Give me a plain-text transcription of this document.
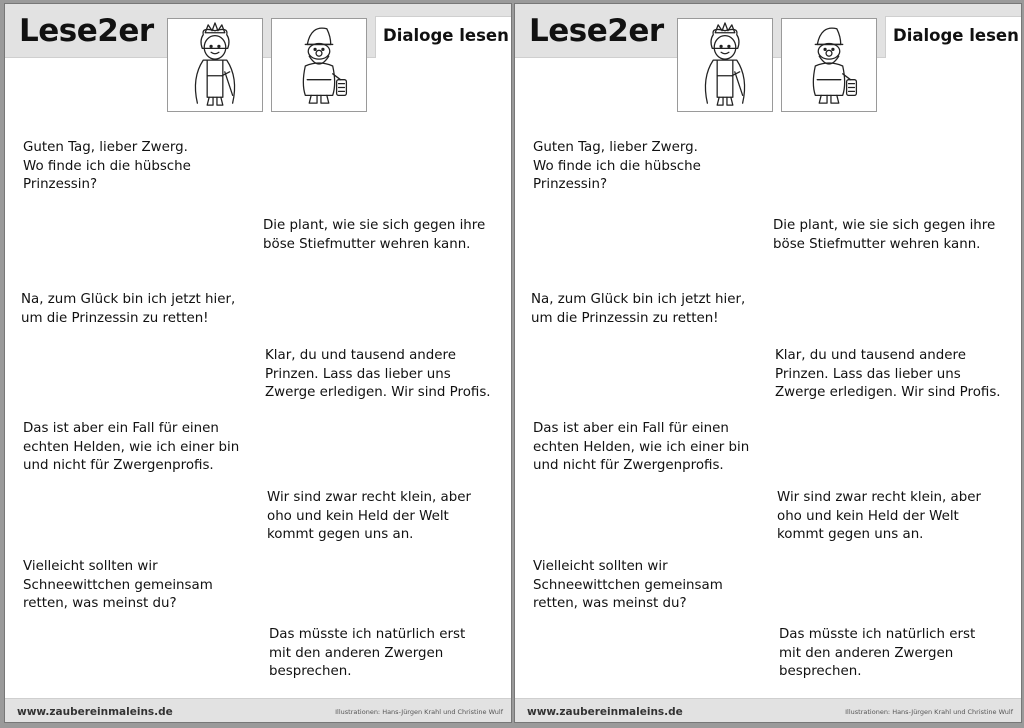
Lese2er	Dialoge lesen
Guten Tag, lieber Zwerg.
Wo finde ich die hübsche
Prinzessin?
Die plant, wie sie sich gegen ihre
böse Stiefmutter wehren kann.
Na, zum Glück bin ich jetzt hier,
um die Prinzessin zu retten!
Klar, du und tausend andere
Prinzen. Lass das lieber uns
Zwerge erledigen. Wir sind Profis.
Das ist aber ein Fall für einen
echten Helden, wie ich einer bin
und nicht für Zwergenprofis.
Wir sind zwar recht klein, aber
oho und kein Held der Welt
kommt gegen uns an.
Vielleicht sollten wir
Schneewittchen gemeinsam
retten, was meinst du?
Das müsste ich natürlich erst
mit den anderen Zwergen
besprechen.
www.zaubereinmaleins.de	Illustrationen: Hans-Jürgen Krahl und Christine Wulf
Lese2er	Dialoge lesen
Guten Tag, lieber Zwerg.
Wo finde ich die hübsche
Prinzessin?
Die plant, wie sie sich gegen ihre
böse Stiefmutter wehren kann.
Na, zum Glück bin ich jetzt hier,
um die Prinzessin zu retten!
Klar, du und tausend andere
Prinzen. Lass das lieber uns
Zwerge erledigen. Wir sind Profis.
Das ist aber ein Fall für einen
echten Helden, wie ich einer bin
und nicht für Zwergenprofis.
Wir sind zwar recht klein, aber
oho und kein Held der Welt
kommt gegen uns an.
Vielleicht sollten wir
Schneewittchen gemeinsam
retten, was meinst du?
Das müsste ich natürlich erst
mit den anderen Zwergen
besprechen.
www.zaubereinmaleins.de	Illustrationen: Hans-Jürgen Krahl und Christine Wulf
